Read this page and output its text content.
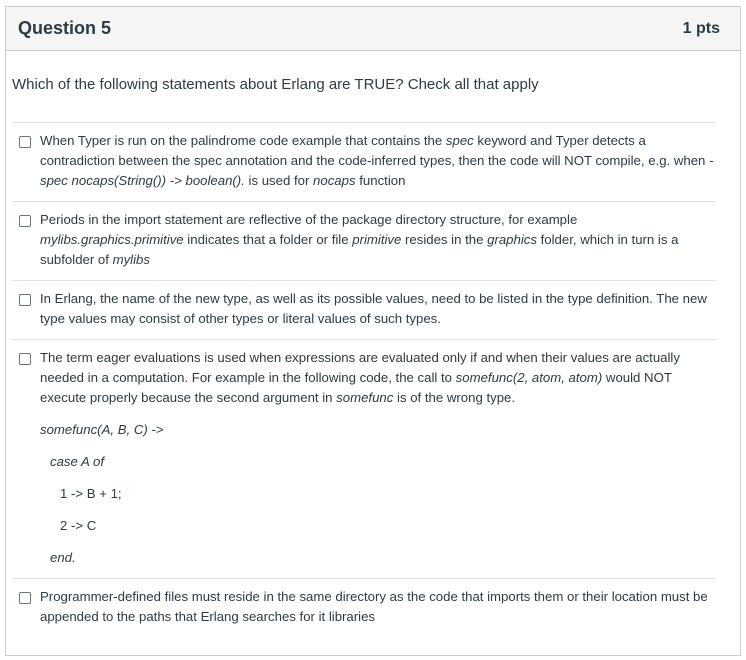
Question 5	1 pts
Which of the following statements about Erlang are TRUE? Check all that apply
When Typer is run on the palindrome code example that contains the spec keyword and Typer detects a contradiction between the spec annotation and the code-inferred types, then the code will NOT compile, e.g. when -spec nocaps(String()) -> boolean(). is used for nocaps function
Periods in the import statement are reflective of the package directory structure, for example mylibs.graphics.primitive indicates that a folder or file primitive resides in the graphics folder, which in turn is a subfolder of mylibs
In Erlang, the name of the new type, as well as its possible values, need to be listed in the type definition. The new type values may consist of other types or literal values of such types.
The term eager evaluations is used when expressions are evaluated only if and when their values are actually needed in a computation. For example in the following code, the call to somefunc(2, atom, atom) would NOT execute properly because the second argument in somefunc is of the wrong type.
somefunc(A, B, C) ->
case A of
1 -> B + 1;
2 -> C
end.
Programmer-defined files must reside in the same directory as the code that imports them or their location must be appended to the paths that Erlang searches for it libraries
